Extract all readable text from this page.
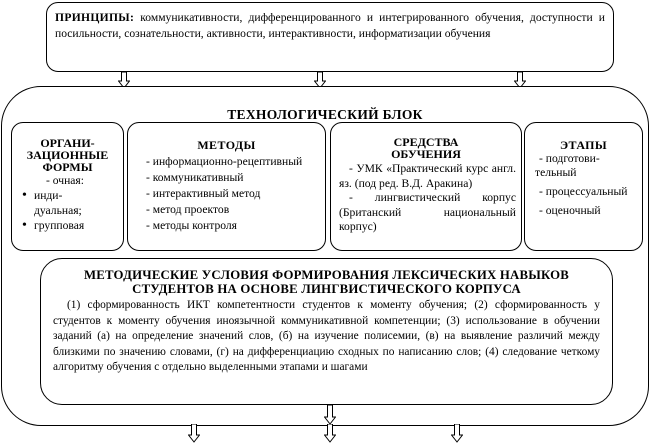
ПРИНЦИПЫ: коммуникативности, дифференцированного и интегрированного обучения, доступности и посильности, сознательности, активности, интерактивности, информатизации обучения
ТЕХНОЛОГИЧЕСКИЙ БЛОК
ОРГАНИ-
ЗАЦИОННЫЕ
ФОРМЫ
- очная:
• инди-
дуальная;
• групповая
МЕТОДЫ
- информационно-рецептивный
- коммуникативный
- интерактивный метод
- метод проектов
- методы контроля
СРЕДСТВА
ОБУЧЕНИЯ
- УМК «Практический курс англ. яз. (под ред. В.Д. Аракина)
- лингвистический корпус (Британский национальный корпус)
ЭТАПЫ
- подготови-
тельный
- процессуальный
- оценочный
МЕТОДИЧЕСКИЕ УСЛОВИЯ ФОРМИРОВАНИЯ ЛЕКСИЧЕСКИХ НАВЫКОВ
СТУДЕНТОВ НА ОСНОВЕ ЛИНГВИСТИЧЕСКОГО КОРПУСА
(1) сформированность ИКТ компетентности студентов к моменту обучения; (2) сформированность у студентов к моменту обучения иноязычной коммуникативной компетенции; (3) использование в обучении заданий (а) на определение значений слов, (б) на изучение полисемии, (в) на выявление различий между близкими по значению словами, (г) на дифференциацию сходных по написанию слов; (4) следование четкому алгоритму обучения с отдельно выделенными этапами и шагами
